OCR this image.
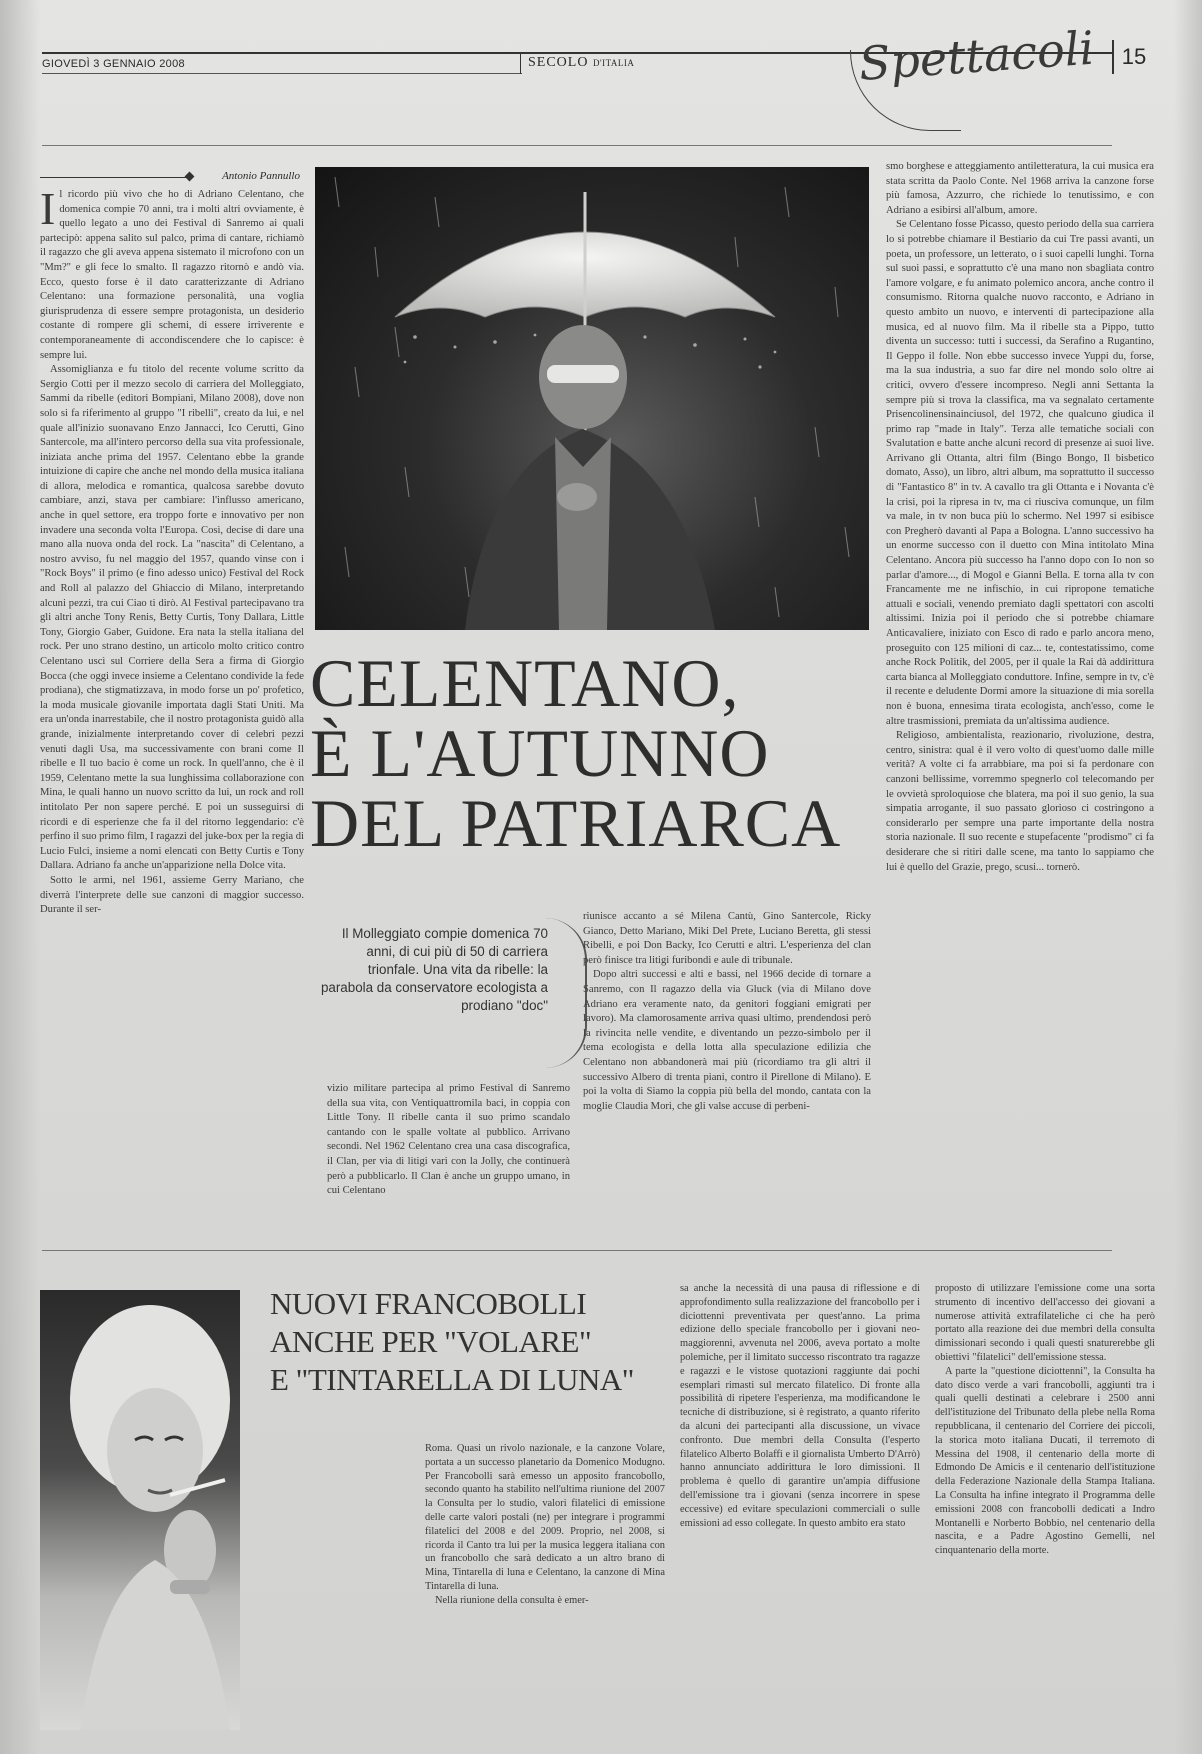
GIOVEDÌ 3 GENNAIO 2008	SECOLO D'ITALIA	Spettacoli	15
Antonio Pannullo

Il ricordo più vivo che ho di Adriano Celentano, che domenica compie 70 anni, tra i molti altri ovviamente, è quello legato a uno dei Festival di Sanremo ai quali partecipò: appena salito sul palco, prima di cantare, richiamò il ragazzo che gli aveva appena sistemato il microfono con un "Mm?" e gli fece lo smalto. Il ragazzo ritornò e andò via. Ecco, questo forse è il dato caratterizzante di Adriano Celentano: una formazione personalità, una voglia giurisprudenza di essere sempre protagonista, un desiderio costante di rompere gli schemi, di essere irriverente e contemporaneamente di accondiscendere che lo capisce: è sempre lui.

Assomiglianza e fu titolo del recente volume scritto da Sergio Cotti per il mezzo secolo di carriera del Molleggiato, Sammi da ribelle (editori Bompiani, Milano 2008), dove non solo si fa riferimento al gruppo "I ribelli", creato da lui, e nel quale all'inizio suonavano Enzo Jannacci, Ico Cerutti, Gino Santercole, ma all'intero percorso della sua vita professionale, iniziata anche prima del 1957. Celentano ebbe la grande intuizione di capire che anche nel mondo della musica italiana di allora, melodica e romantica, qualcosa sarebbe dovuto cambiare, anzi, stava per cambiare: l'influsso americano, anche in quel settore, era troppo forte e innovativo per non invadere una seconda volta l'Europa. Così, decise di dare una mano alla nuova onda del rock. La "nascita" di Celentano, a nostro avviso, fu nel maggio del 1957, quando vinse con i "Rock Boys" il primo (e fino adesso unico) Festival del Rock and Roll al palazzo del Ghiaccio di Milano, interpretando alcuni pezzi, tra cui Ciao ti dirò. Al Festival partecipavano tra gli altri anche Tony Renis, Betty Curtis, Tony Dallara, Little Tony, Giorgio Gaber, Guidone. Era nata la stella italiana del rock. Per uno strano destino, un articolo molto critico contro Celentano uscì sul Corriere della Sera a firma di Giorgio Bocca (che oggi invece insieme a Celentano condivide la fede prodiana), che stigmatizzava, in modo forse un po' profetico, la moda musicale giovanile importata dagli Stati Uniti. Ma era un'onda inarrestabile, che il nostro protagonista guidò alla grande, inizialmente interpretando cover di celebri pezzi venuti dagli Usa, ma successivamente con brani come Il ribelle e Il tuo bacio è come un rock. In quell'anno, che è il 1959, Celentano mette la sua lunghissima collaborazione con Mina, le quali hanno un nuovo scritto da lui, un rock and roll intitolato Per non sapere perché. E poi un susseguirsi di ricordi e di esperienze che fa il del ritorno leggendario: c'è perfino il suo primo film, I ragazzi del juke-box per la regia di Lucio Fulci, insieme a nomi elencati con Betty Curtis e Tony Dallara. Adriano fa anche un'apparizione nella Dolce vita.

Sotto le armi, nel 1961, assieme Gerry Mariano, che diverrà l'interprete delle sue canzoni di maggior successo. Durante il ser-

CELENTANO,
È L'AUTUNNO
DEL PATRIARCA
Il Molleggiato compie domenica 70 anni, di cui più di 50 di carriera trionfale. Una vita da ribelle: la parabola da conservatore ecologista a prodiano "doc"

vizio militare partecipa al primo Festival di Sanremo della sua vita, con Ventiquattromila baci, in coppia con Little Tony. Il ribelle canta il suo primo scandalo cantando con le spalle voltate al pubblico. Arrivano secondi. Nel 1962 Celentano crea una casa discografica, il Clan, per via di litigi vari con la Jolly, che continuerà però a pubblicarlo. Il Clan è anche un gruppo umano, in cui Celentano

riunisce accanto a sé Milena Cantù, Gino Santercole, Ricky Gianco, Detto Mariano, Miki Del Prete, Luciano Beretta, gli stessi Ribelli, e poi Don Backy, Ico Cerutti e altri. L'esperienza del clan però finisce tra litigi furibondi e aule di tribunale.

Dopo altri successi e alti e bassi, nel 1966 decide di tornare a Sanremo, con Il ragazzo della via Gluck (via di Milano dove Adriano era veramente nato, da genitori foggiani emigrati per lavoro). Ma clamorosamente arriva quasi ultimo, prendendosi però la rivincita nelle vendite, e diventando un pezzo-simbolo per il tema ecologista e della lotta alla speculazione edilizia che Celentano non abbandonerà mai più (ricordiamo tra gli altri il successivo Albero di trenta piani, contro il Pirellone di Milano). E poi la volta di Siamo la coppia più bella del mondo, cantata con la moglie Claudia Mori, che gli valse accuse di perbeni-

smo borghese e atteggiamento antiletteratura, la cui musica era stata scritta da Paolo Conte. Nel 1968 arriva la canzone forse più famosa, Azzurro, che richiede lo tenutissimo, e con Adriano a esibirsi all'album, amore.

Se Celentano fosse Picasso, questo periodo della sua carriera lo si potrebbe chiamare il Bestiario da cui Tre passi avanti, un poeta, un professore, un letterato, o i suoi capelli lunghi. Torna sul suoi passi, e soprattutto c'è una mano non sbagliata contro l'amore volgare, e fu animato polemico ancora, anche contro il consumismo. Ritorna qualche nuovo racconto, e Adriano in questo ambito un nuovo, e interventi di partecipazione alla musica, ed al nuovo film. Ma il ribelle sta a Pippo, tutto diventa un successo: tutti i successi, da Serafino a Rugantino, Il Geppo il folle. Non ebbe successo invece Yuppi du, forse, ma la sua industria, a suo far dire nel mondo solo oltre ai critici, ovvero d'essere incompreso. Negli anni Settanta la sempre più si trova la classifica, ma va segnalato certamente Prisencolinensinainciusol, del 1972, che qualcuno giudica il primo rap "made in Italy". Terza alle tematiche sociali con Svalutation e batte anche alcuni record di presenze ai suoi live. Arrivano gli Ottanta, altri film (Bingo Bongo, Il bisbetico domato, Asso), un libro, altri album, ma soprattutto il successo di "Fantastico 8" in tv. A cavallo tra gli Ottanta e i Novanta c'è la crisi, poi la ripresa in tv, ma ci riusciva comunque, un film va male, in tv non buca più lo schermo. Nel 1997 si esibisce con Pregherò davanti al Papa a Bologna. L'anno successivo ha un enorme successo con il duetto con Mina intitolato Mina Celentano. Ancora più successo ha l'anno dopo con Io non so parlar d'amore..., di Mogol e Gianni Bella. E torna alla tv con Francamente me ne infischio, in cui ripropone tematiche attuali e sociali, venendo premiato dagli spettatori con ascolti altissimi. Inizia poi il periodo che si potrebbe chiamare Anticavaliere, iniziato con Esco di rado e parlo ancora meno, proseguito con 125 milioni di caz... te, contestatissimo, come anche Rock Politik, del 2005, per il quale la Rai dà addirittura carta bianca al Molleggiato conduttore. Infine, sempre in tv, c'è il recente e deludente Dormi amore la situazione di mia sorella non è buona, ennesima tirata ecologista, anch'esso, come le altre trasmissioni, premiata da un'altissima audience.

Religioso, ambientalista, reazionario, rivoluzione, destra, centro, sinistra: qual è il vero volto di quest'uomo dalle mille verità? A volte ci fa arrabbiare, ma poi si fa perdonare con canzoni bellissime, vorremmo spegnerlo col telecomando per le ovvietà sproloquiose che blatera, ma poi il suo genio, la sua simpatia arrogante, il suo passato glorioso ci costringono a considerarlo per sempre una parte importante della nostra storia nazionale. Il suo recente e stupefacente "prodismo" ci fa desiderare che si ritiri dalle scene, ma tanto lo sappiamo che lui è quello del Grazie, prego, scusi... tornerò.

NUOVI FRANCOBOLLI
ANCHE PER "VOLARE"
E "TINTARELLA DI LUNA"

Roma. Quasi un rivolo nazionale, e la canzone Volare, portata a un successo planetario da Domenico Modugno. Per Francobolli sarà emesso un apposito francobollo, secondo quanto ha stabilito nell'ultima riunione del 2007 la Consulta per lo studio, valori filatelici di emissione delle carte valori postali (ne) per integrare i programmi filatelici del 2008 e del 2009. Proprio, nel 2008, si ricorda il Canto tra lui per la musica leggera italiana con un francobollo che sarà dedicato a un altro brano di Mina, Tintarella di luna e Celentano, la canzone di Mina Tintarella di luna.

Nella riunione della consulta è emer-

sa anche la necessità di una pausa di riflessione e di approfondimento sulla realizzazione del francobollo per i diciottenni preventivata per quest'anno. La prima edizione dello speciale francobollo per i giovani neo-maggiorenni, avvenuta nel 2006, aveva portato a molte polemiche, per il limitato successo riscontrato tra ragazze e ragazzi e le vistose quotazioni raggiunte dai pochi esemplari rimasti sul mercato filatelico. Di fronte alla possibilità di ripetere l'esperienza, ma modificandone le tecniche di distribuzione, si è registrato, a quanto riferito da alcuni dei partecipanti alla discussione, un vivace confronto. Due membri della Consulta (l'esperto filatelico Alberto Bolaffi e il giornalista Umberto D'Arrò) hanno annunciato addirittura le loro dimissioni. Il problema è quello di garantire un'ampia diffusione dell'emissione tra i giovani (senza incorrere in spese eccessive) ed evitare speculazioni commerciali o sulle emissioni ad esso collegate. In questo ambito era stato

proposto di utilizzare l'emissione come una sorta strumento di incentivo dell'accesso dei giovani a numerose attività extrafilateliche ci che ha però portato alla reazione dei due membri della consulta dimissionari secondo i quali questi snaturerebbe gli obiettivi "filatelici" dell'emissione stessa.

A parte la "questione diciottenni", la Consulta ha dato disco verde a vari francobolli, aggiunti tra i quali quelli destinati a celebrare i 2500 anni dell'istituzione del Tribunato della plebe nella Roma repubblicana, il centenario del Corriere dei piccoli, la storica moto italiana Ducati, il terremoto di Messina del 1908, il centenario della morte di Edmondo De Amicis e il centenario dell'istituzione della Federazione Nazionale della Stampa Italiana. La Consulta ha infine integrato il Programma delle emissioni 2008 con francobolli dedicati a Indro Montanelli e Norberto Bobbio, nel centenario della nascita, e a Padre Agostino Gemelli, nel cinquantenario della morte.
